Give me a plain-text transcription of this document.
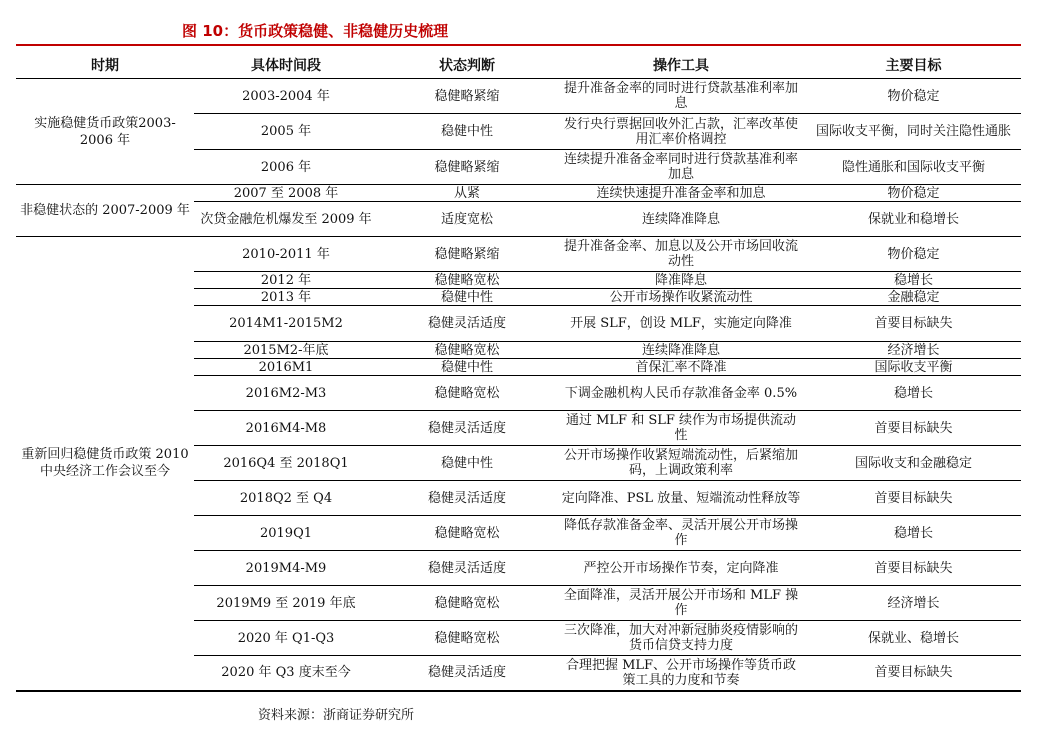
图 10：货币政策稳健、非稳健历史梳理
时期	具体时间段	状态判断	操作工具	主要目标
实施稳健货币政策2003-2006 年	2003-2004 年	稳健略紧缩	提升准备金率的同时进行贷款基准利率加息	物价稳定
	2005 年	稳健中性	发行央行票据回收外汇占款，汇率改革使用汇率价格调控	国际收支平衡，同时关注隐性通胀
	2006 年	稳健略紧缩	连续提升准备金率同时进行贷款基准利率加息	隐性通胀和国际收支平衡
非稳健状态的 2007-2009 年	2007 至 2008 年	从紧	连续快速提升准备金率和加息	物价稳定
	次贷金融危机爆发至 2009 年	适度宽松	连续降准降息	保就业和稳增长
重新回归稳健货币政策 2010 中央经济工作会议至今	2010-2011 年	稳健略紧缩	提升准备金率、加息以及公开市场回收流动性	物价稳定
	2012 年	稳健略宽松	降准降息	稳增长
	2013 年	稳健中性	公开市场操作收紧流动性	金融稳定
	2014M1-2015M2	稳健灵活适度	开展 SLF，创设 MLF，实施定向降准	首要目标缺失
	2015M2-年底	稳健略宽松	连续降准降息	经济增长
	2016M1	稳健中性	首保汇率不降准	国际收支平衡
	2016M2-M3	稳健略宽松	下调金融机构人民币存款准备金率 0.5%	稳增长
	2016M4-M8	稳健灵活适度	通过 MLF 和 SLF 续作为市场提供流动性	首要目标缺失
	2016Q4 至 2018Q1	稳健中性	公开市场操作收紧短端流动性，后紧缩加码，上调政策利率	国际收支和金融稳定
	2018Q2 至 Q4	稳健灵活适度	定向降准、PSL 放量、短端流动性释放等	首要目标缺失
	2019Q1	稳健略宽松	降低存款准备金率、灵活开展公开市场操作	稳增长
	2019M4-M9	稳健灵活适度	严控公开市场操作节奏，定向降准	首要目标缺失
	2019M9 至 2019 年底	稳健略宽松	全面降准，灵活开展公开市场和 MLF 操作	经济增长
	2020 年 Q1-Q3	稳健略宽松	三次降准，加大对冲新冠肺炎疫情影响的货币信贷支持力度	保就业、稳增长
	2020 年 Q3 度末至今	稳健灵活适度	合理把握 MLF、公开市场操作等货币政策工具的力度和节奏	首要目标缺失
资料来源：浙商证券研究所
